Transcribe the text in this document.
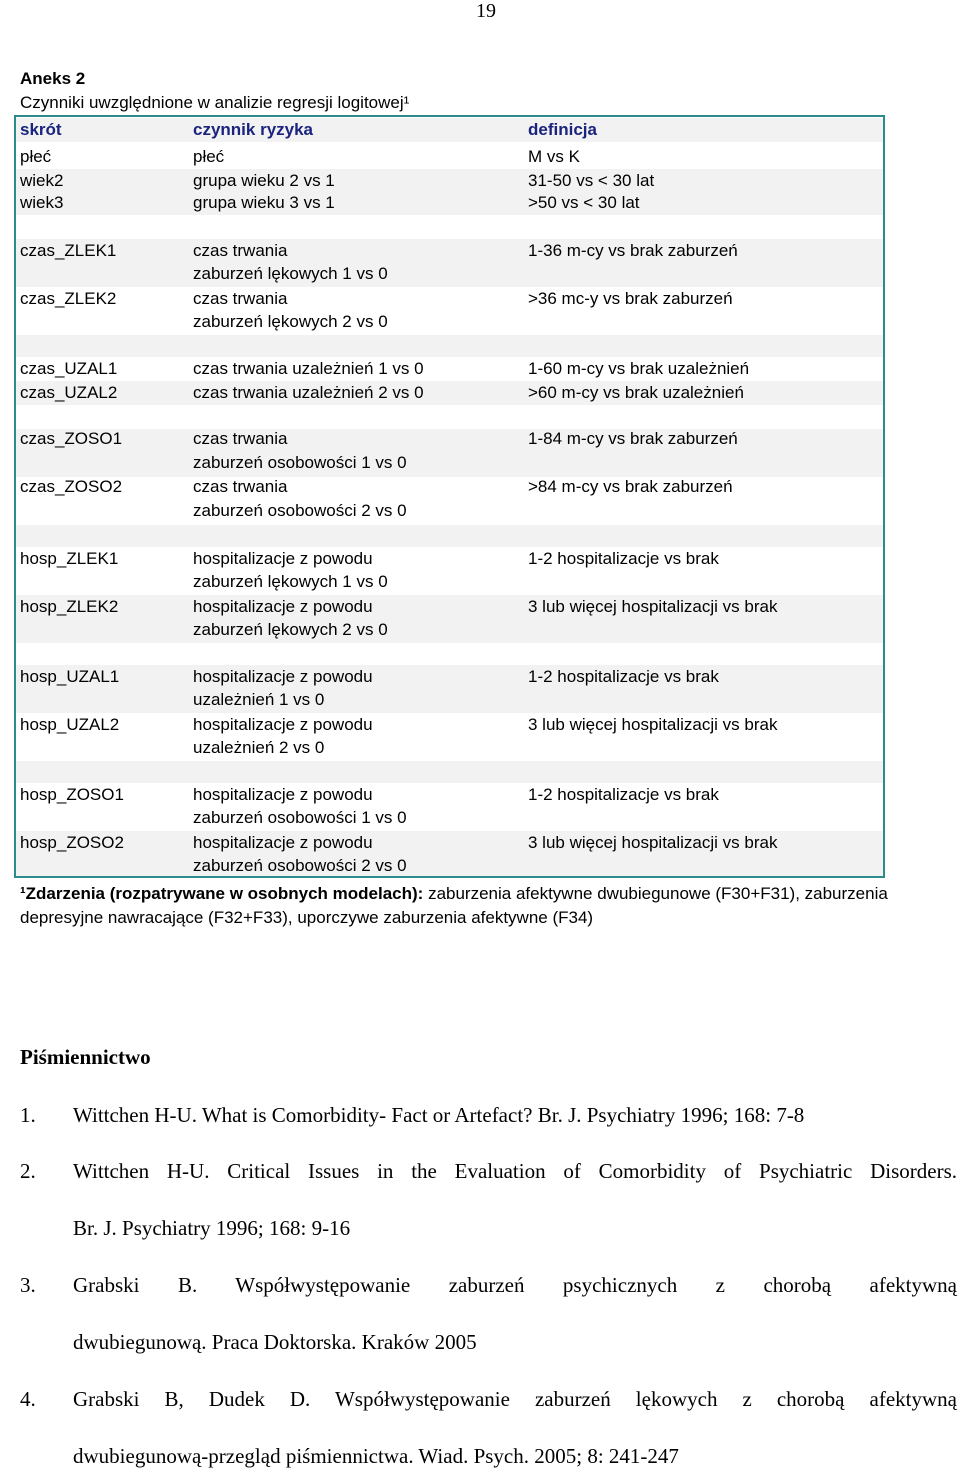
19
Aneks 2
Czynniki uwzględnione w analizie regresji logitowej¹
skrót	czynnik ryzyka	definicja
płeć	płeć	M vs K
wiek2	grupa wieku 2 vs 1	31-50 vs < 30 lat
wiek3	grupa wieku 3 vs 1	>50 vs < 30 lat
czas_ZLEK1	czas trwania	1-36 m-cy vs brak zaburzeń
zaburzeń lękowych 1 vs 0
czas_ZLEK2	czas trwania	>36 mc-y vs brak zaburzeń
zaburzeń lękowych 2 vs 0
czas_UZAL1	czas trwania uzależnień 1 vs 0	1-60 m-cy vs brak uzależnień
czas_UZAL2	czas trwania uzależnień 2 vs 0	>60 m-cy vs brak uzależnień
czas_ZOSO1	czas trwania	1-84 m-cy vs brak zaburzeń
zaburzeń osobowości 1 vs 0
czas_ZOSO2	czas trwania	>84 m-cy vs brak zaburzeń
zaburzeń osobowości 2 vs 0
hosp_ZLEK1	hospitalizacje z powodu	1-2 hospitalizacje vs brak
zaburzeń lękowych 1 vs 0
hosp_ZLEK2	hospitalizacje z powodu	3 lub więcej hospitalizacji vs brak
zaburzeń lękowych 2 vs 0
hosp_UZAL1	hospitalizacje z powodu	1-2 hospitalizacje vs brak
uzależnień 1 vs 0
hosp_UZAL2	hospitalizacje z powodu	3 lub więcej hospitalizacji vs brak
uzależnień 2 vs 0
hosp_ZOSO1	hospitalizacje z powodu	1-2 hospitalizacje vs brak
zaburzeń osobowości 1 vs 0
hosp_ZOSO2	hospitalizacje z powodu	3 lub więcej hospitalizacji vs brak
zaburzeń osobowości 2 vs 0
¹Zdarzenia (rozpatrywane w osobnych modelach): zaburzenia afektywne dwubiegunowe (F30+F31), zaburzenia depresyjne nawracające (F32+F33), uporczywe zaburzenia afektywne (F34)
Piśmiennictwo
1. Wittchen H-U. What is Comorbidity- Fact or Artefact? Br. J. Psychiatry 1996; 168: 7-8
2. Wittchen H-U. Critical Issues in the Evaluation of Comorbidity of Psychiatric Disorders.
Br. J. Psychiatry 1996; 168: 9-16
3. Grabski B. Współwystępowanie zaburzeń psychicznych z chorobą afektywną
dwubiegunową. Praca Doktorska. Kraków 2005
4. Grabski B, Dudek D. Współwystępowanie zaburzeń lękowych z chorobą afektywną
dwubiegunową-przegląd piśmiennictwa. Wiad. Psych. 2005; 8: 241-247
